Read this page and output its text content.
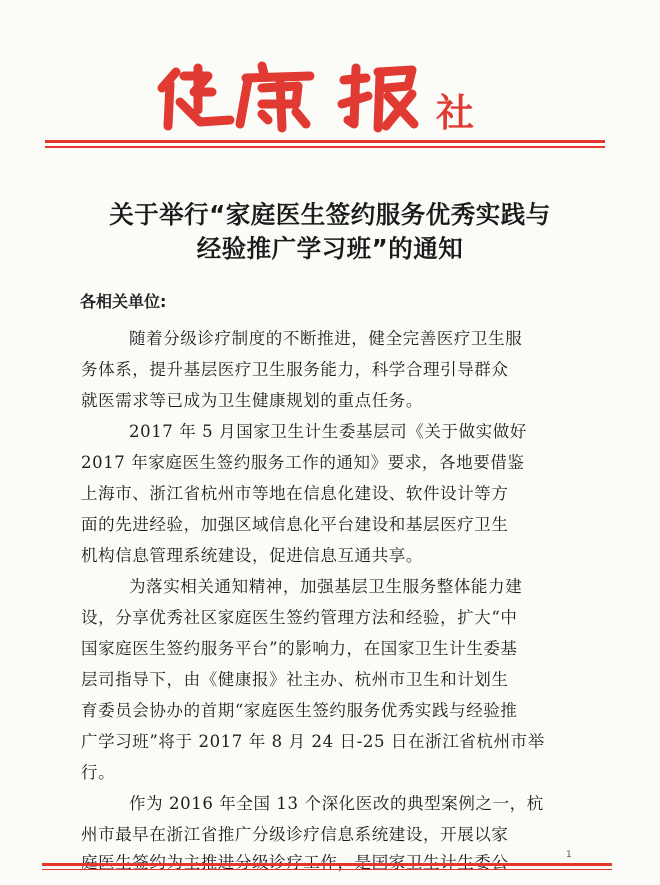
社
关于举行“家庭医生签约服务优秀实践与
经验推广学习班”的通知
各相关单位:
随着分级诊疗制度的不断推进，健全完善医疗卫生服
务体系，提升基层医疗卫生服务能力，科学合理引导群众
就医需求等已成为卫生健康规划的重点任务。
2017 年 5 月国家卫生计生委基层司《关于做实做好
2017 年家庭医生签约服务工作的通知》要求，各地要借鉴
上海市、浙江省杭州市等地在信息化建设、软件设计等方
面的先进经验，加强区域信息化平台建设和基层医疗卫生
机构信息管理系统建设，促进信息互通共享。
为落实相关通知精神，加强基层卫生服务整体能力建
设，分享优秀社区家庭医生签约管理方法和经验，扩大“中
国家庭医生签约服务平台”的影响力，在国家卫生计生委基
层司指导下，由《健康报》社主办、杭州市卫生和计划生
育委员会协办的首期“家庭医生签约服务优秀实践与经验推
广学习班”将于 2017 年 8 月 24 日-25 日在浙江省杭州市举
行。
作为 2016 年全国 13 个深化医改的典型案例之一，杭
州市最早在浙江省推广分级诊疗信息系统建设，开展以家
1
